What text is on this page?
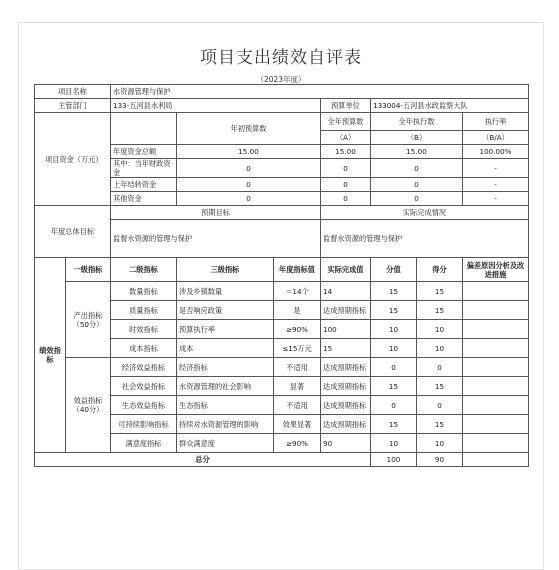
项目支出绩效自评表
（2023年度）
项目名称		水资源管理与保护						
主管部门		133-五河县水利局			预算单位	133004-五河县水政监察大队		
项目资金（万元）			年初预算数		全年预算数	全年执行数		执行率
					（A）	（B）		（B/A）
		年度资金总额	15.00		15.00	15.00		100.00%
		其中：当年财政资金	0		0	0		-
		上年结转资金	0		0	0		-
		其他资金	0		0	0		-
年度总体目标		预期目标			实际完成情况			
		监督水资源的管理与保护			监督水资源的管理与保护			
绩效指标	一级指标	二级指标	三级指标	年度指标值	实际完成值	分值	得分	偏差原因分析及改进措施
	产出指标（50分）	数量指标	涉及乡镇数量	＝14个	14	15	15	
		质量指标	是否响应政策	是	达成预期指标	15	15	
		时效指标	预算执行率	≥90%	100	10	10	
		成本指标	成本	≤15万元	15	10	10	
	效益指标（40分）	经济效益指标	经济指标	不适用	达成预期指标	0	0	
		社会效益指标	水资源管理的社会影响	显著	达成预期指标	15	15	
		生态效益指标	生态指标	不适用	达成预期指标	0	0	
		可持续影响指标	持续对水资源管理的影响	效果显著	达成预期指标	15	15	
		满意度指标	群众满意度	≥90%	90	10	10	
总分						100	90	
